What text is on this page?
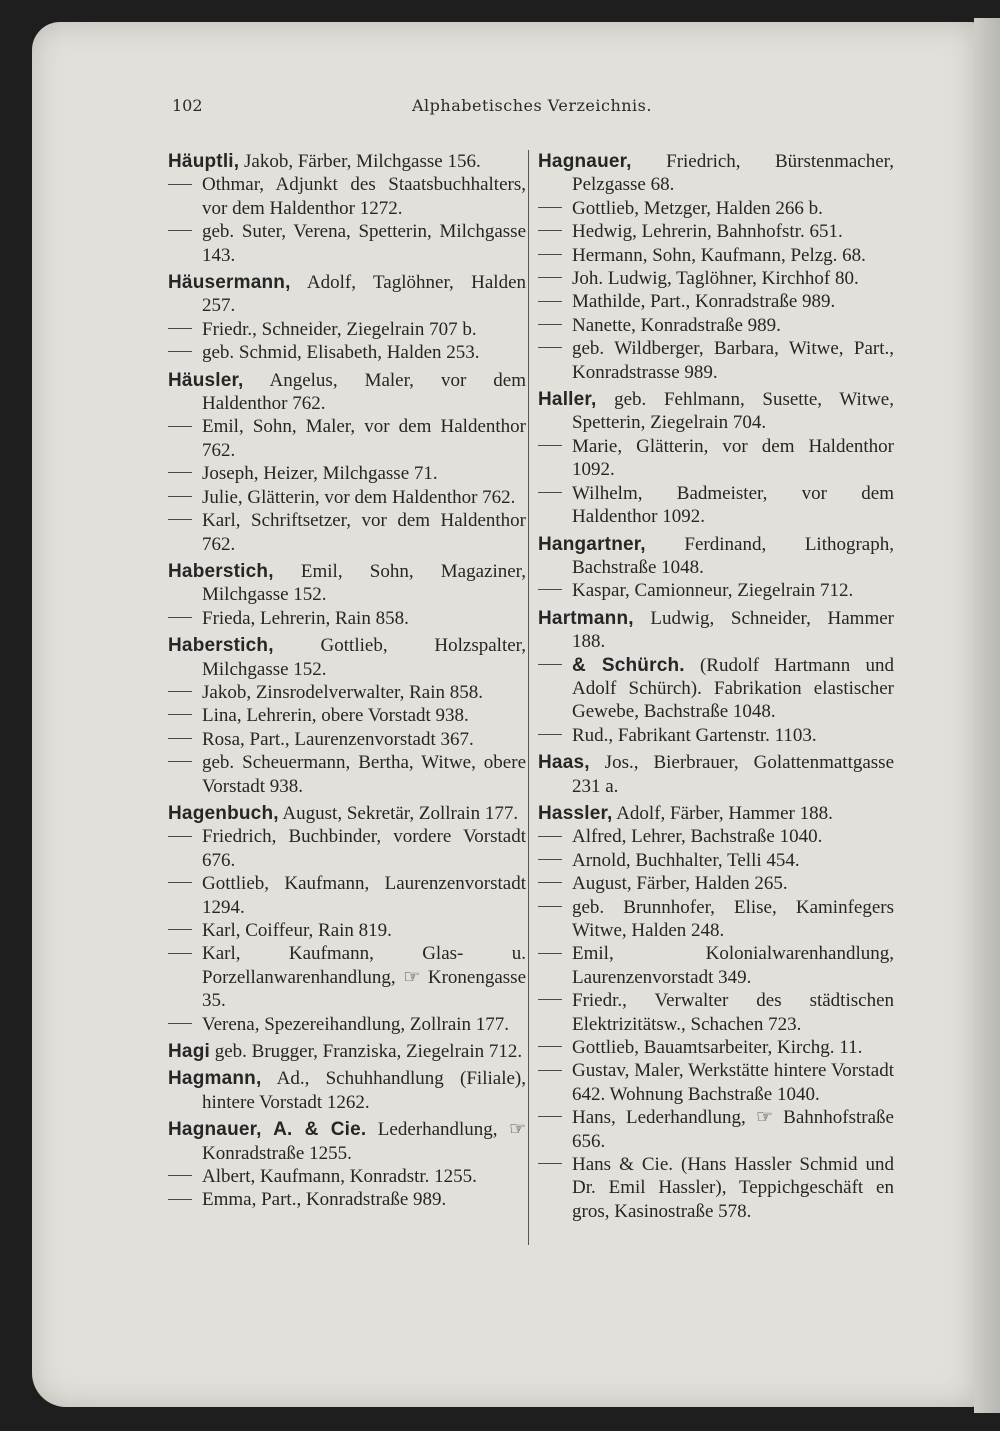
102	Alphabetisches Verzeichnis.
Häuptli, Jakob, Färber, Milchgasse 156.
Othmar, Adjunkt des Staatsbuchhalters, vor dem Haldenthor 1272.
geb. Suter, Verena, Spetterin, Milchgasse 143.
Häusermann, Adolf, Taglöhner, Halden 257.
Friedr., Schneider, Ziegelrain 707 b.
geb. Schmid, Elisabeth, Halden 253.
Häusler, Angelus, Maler, vor dem Haldenthor 762.
Emil, Sohn, Maler, vor dem Haldenthor 762.
Joseph, Heizer, Milchgasse 71.
Julie, Glätterin, vor dem Haldenthor 762.
Karl, Schriftsetzer, vor dem Haldenthor 762.
Haberstich, Emil, Sohn, Magaziner, Milchgasse 152.
Frieda, Lehrerin, Rain 858.
Haberstich, Gottlieb, Holzspalter, Milchgasse 152.
Jakob, Zinsrodelverwalter, Rain 858.
Lina, Lehrerin, obere Vorstadt 938.
Rosa, Part., Laurenzenvorstadt 367.
geb. Scheuermann, Bertha, Witwe, obere Vorstadt 938.
Hagenbuch, August, Sekretär, Zollrain 177.
Friedrich, Buchbinder, vordere Vorstadt 676.
Gottlieb, Kaufmann, Laurenzenvorstadt 1294.
Karl, Coiffeur, Rain 819.
Karl, Kaufmann, Glas- u. Porzellanwarenhandlung, ☞ Kronengasse 35.
Verena, Spezereihandlung, Zollrain 177.
Hagi geb. Brugger, Franziska, Ziegelrain 712.
Hagmann, Ad., Schuhhandlung (Filiale), hintere Vorstadt 1262.
Hagnauer, A. & Cie. Lederhandlung, ☞ Konradstraße 1255.
Albert, Kaufmann, Konradstr. 1255.
Emma, Part., Konradstraße 989.
Hagnauer, Friedrich, Bürstenmacher, Pelzgasse 68.
Gottlieb, Metzger, Halden 266 b.
Hedwig, Lehrerin, Bahnhofstr. 651.
Hermann, Sohn, Kaufmann, Pelzg. 68.
Joh. Ludwig, Taglöhner, Kirchhof 80.
Mathilde, Part., Konradstraße 989.
Nanette, Konradstraße 989.
geb. Wildberger, Barbara, Witwe, Part., Konradstrasse 989.
Haller, geb. Fehlmann, Susette, Witwe, Spetterin, Ziegelrain 704.
Marie, Glätterin, vor dem Haldenthor 1092.
Wilhelm, Badmeister, vor dem Haldenthor 1092.
Hangartner, Ferdinand, Lithograph, Bachstraße 1048.
Kaspar, Camionneur, Ziegelrain 712.
Hartmann, Ludwig, Schneider, Hammer 188.
& Schürch. (Rudolf Hartmann und Adolf Schürch). Fabrikation elastischer Gewebe, Bachstraße 1048.
Rud., Fabrikant Gartenstr. 1103.
Haas, Jos., Bierbrauer, Golattenmattgasse 231 a.
Hassler, Adolf, Färber, Hammer 188.
Alfred, Lehrer, Bachstraße 1040.
Arnold, Buchhalter, Telli 454.
August, Färber, Halden 265.
geb. Brunnhofer, Elise, Kaminfegers Witwe, Halden 248.
Emil, Kolonialwarenhandlung, Laurenzenvorstadt 349.
Friedr., Verwalter des städtischen Elektrizitätsw., Schachen 723.
Gottlieb, Bauamtsarbeiter, Kirchg. 11.
Gustav, Maler, Werkstätte hintere Vorstadt 642. Wohnung Bachstraße 1040.
Hans, Lederhandlung, ☞ Bahnhofstraße 656.
Hans & Cie. (Hans Hassler Schmid und Dr. Emil Hassler), Teppichgeschäft en gros, Kasinostraße 578.
